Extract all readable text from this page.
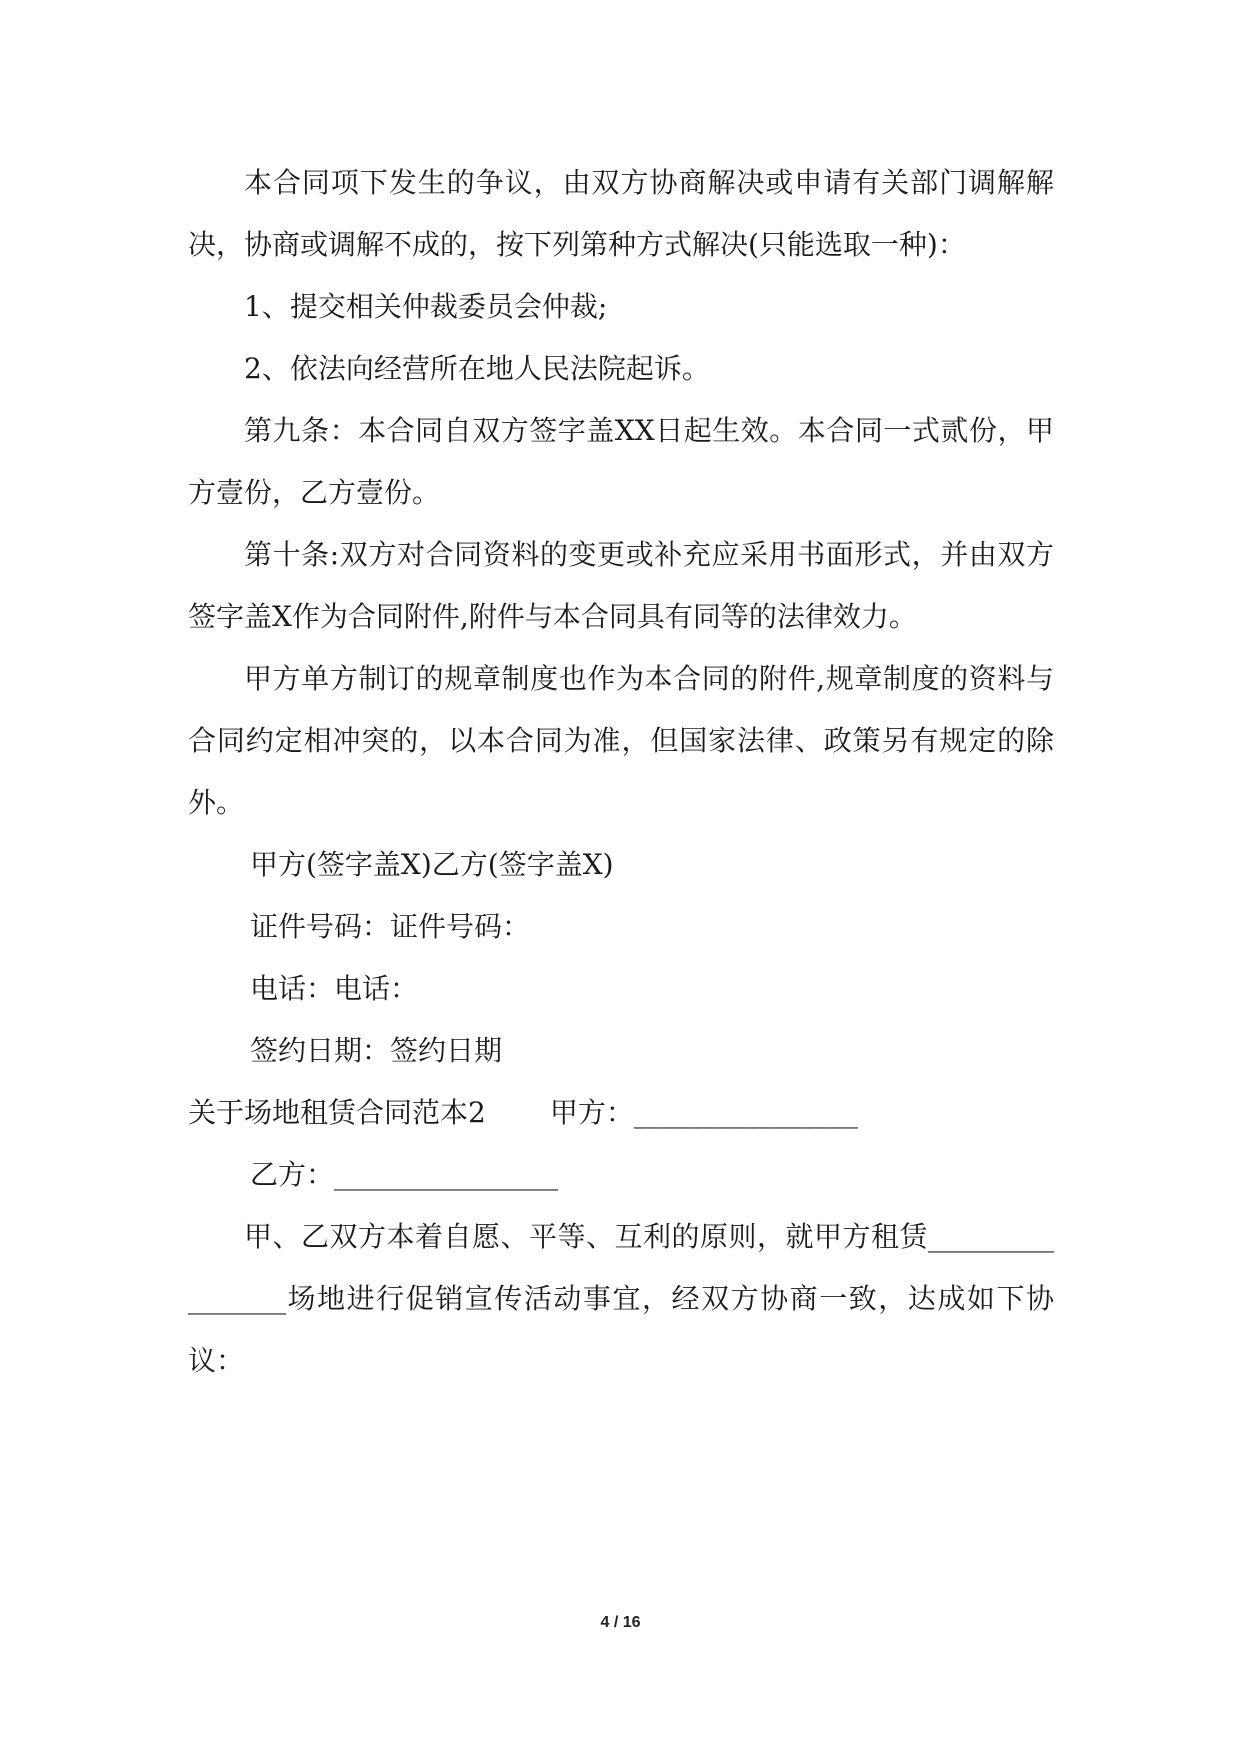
本合同项下发生的争议，由双方协商解决或申请有关部门调解解决，协商或调解不成的，按下列第种方式解决(只能选取一种)：

1、提交相关仲裁委员会仲裁;

2、依法向经营所在地人民法院起诉。

第九条：本合同自双方签字盖XX日起生效。本合同一式贰份，甲方壹份，乙方壹份。

第十条:双方对合同资料的变更或补充应采用书面形式，并由双方签字盖X作为合同附件,附件与本合同具有同等的法律效力。

甲方单方制订的规章制度也作为本合同的附件,规章制度的资料与合同约定相冲突的，以本合同为准，但国家法律、政策另有规定的除外。

甲方(签字盖X)乙方(签字盖X)

证件号码：证件号码：

电话：电话：

签约日期：签约日期

关于场地租赁合同范本2 甲方：________________

乙方：________________

甲、乙双方本着自愿、平等、互利的原则，就甲方租赁________________场地进行促销宣传活动事宜，经双方协商一致，达成如下协议：

4 / 16
